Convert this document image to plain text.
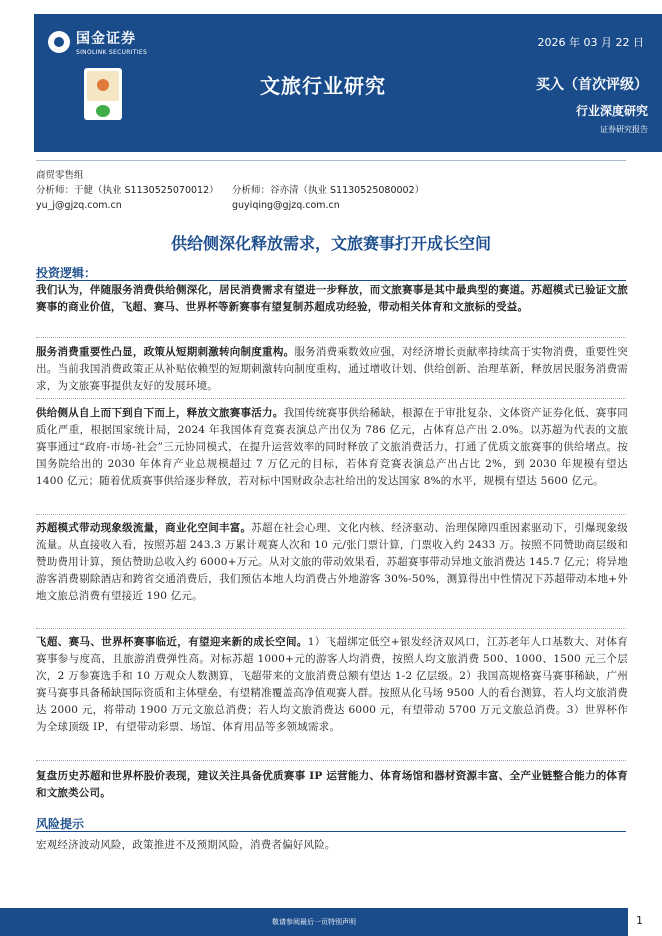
国金证券
SINOLINK SECURITIES
2026 年 03 月 22 日
文旅行业研究	买入（首次评级）
行业深度研究
证券研究报告
商贸零售组
分析师：于健（执业 S1130525070012）	分析师：谷亦清（执业 S1130525080002）
yu_j@gjzq.com.cn	guyiqing@gjzq.com.cn
供给侧深化释放需求，文旅赛事打开成长空间
投资逻辑：
我们认为，伴随服务消费供给侧深化，居民消费需求有望进一步释放，而文旅赛事是其中最典型的赛道。苏超模式已验证文旅赛事的商业价值，飞超、赛马、世界杯等新赛事有望复制苏超成功经验，带动相关体育和文旅标的受益。
服务消费重要性凸显，政策从短期刺激转向制度重构。服务消费乘数效应强，对经济增长贡献率持续高于实物消费，重要性突出。当前我国消费政策正从补贴依赖型的短期刺激转向制度重构，通过增收计划、供给创新、治理革新，释放居民服务消费需求，为文旅赛事提供友好的发展环境。
供给侧从自上而下到自下而上，释放文旅赛事活力。我国传统赛事供给稀缺，根源在于审批复杂、文体资产证券化低、赛事同质化严重，根据国家统计局，2024 年我国体育竞赛表演总产出仅为 786 亿元，占体育总产出 2.0%。以苏超为代表的文旅赛事通过“政府-市场-社会”三元协同模式，在提升运营效率的同时释放了文旅消费活力，打通了优质文旅赛事的供给堵点。按国务院给出的 2030 年体育产业总规模超过 7 万亿元的目标，若体育竞赛表演总产出占比 2%，到 2030 年规模有望达 1400 亿元；随着优质赛事供给逐步释放，若对标中国财政杂志社给出的发达国家 8%的水平，规模有望达 5600 亿元。
苏超模式带动现象级流量，商业化空间丰富。苏超在社会心理、文化内核、经济驱动、治理保障四重因素驱动下，引爆现象级流量。从直接收入看，按照苏超 243.3 万累计观赛人次和 10 元/张门票计算，门票收入约 2433 万。按照不同赞助商层级和赞助费用计算，预估赞助总收入约 6000+万元。从对文旅的带动效果看，苏超赛事带动异地文旅消费达 145.7 亿元；将异地游客消费剔除酒店和跨省交通消费后，我们预估本地人均消费占外地游客 30%-50%，测算得出中性情况下苏超带动本地+外地文旅总消费有望接近 190 亿元。
飞超、赛马、世界杯赛事临近，有望迎来新的成长空间。1）飞超绑定低空+银发经济双风口，江苏老年人口基数大、对体育赛事参与度高，且旅游消费弹性高。对标苏超 1000+元的游客人均消费，按照人均文旅消费 500、1000、1500 元三个层次，2 万参赛选手和 10 万观众人数测算，飞超带来的文旅消费总额有望达 1-2 亿层级。2）我国高规格赛马赛事稀缺，广州赛马赛事具备稀缺国际资质和主体壁垒，有望精准覆盖高净值观赛人群。按照从化马场 9500 人的看台测算，若人均文旅消费达 2000 元，将带动 1900 万元文旅总消费；若人均文旅消费达 6000 元，有望带动 5700 万元文旅总消费。3）世界杯作为全球顶级 IP，有望带动彩票、场馆、体育用品等多领域需求。
复盘历史苏超和世界杯股价表现，建议关注具备优质赛事 IP 运营能力、体育场馆和器材资源丰富、全产业链整合能力的体育和文旅类公司。
风险提示
宏观经济波动风险，政策推进不及预期风险，消费者偏好风险。
敬请参阅最后一页特别声明	1
